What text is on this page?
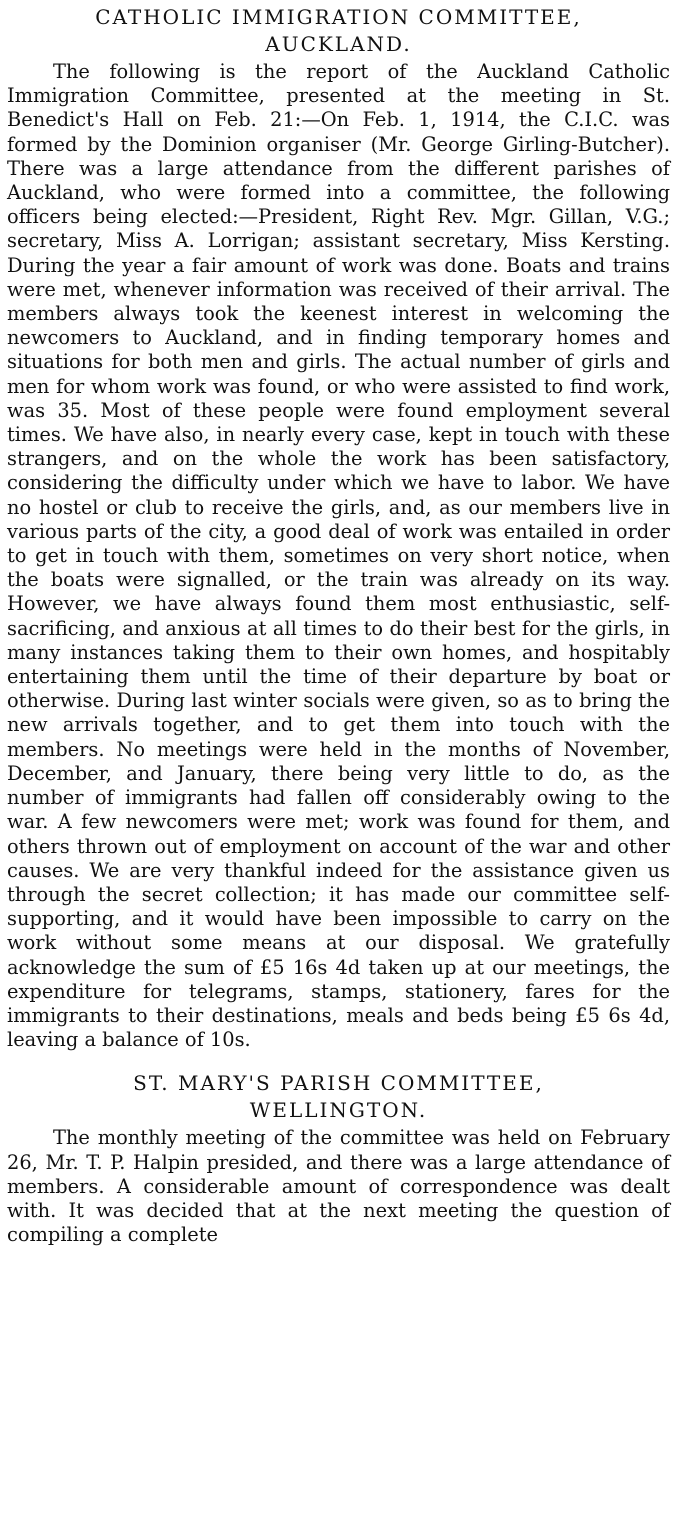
CATHOLIC IMMIGRATION COMMITTEE,
AUCKLAND.

The following is the report of the Auckland Catholic Immigration Committee, presented at the meeting in St. Benedict's Hall on Feb. 21:—On Feb. 1, 1914, the C.I.C. was formed by the Dominion organiser (Mr. George Girling-Butcher). There was a large attendance from the different parishes of Auckland, who were formed into a committee, the following officers being elected:—President, Right Rev. Mgr. Gillan, V.G.; secretary, Miss A. Lorrigan; assistant secretary, Miss Kersting. During the year a fair amount of work was done. Boats and trains were met, whenever information was received of their arrival. The members always took the keenest interest in welcoming the newcomers to Auckland, and in finding temporary homes and situations for both men and girls. The actual number of girls and men for whom work was found, or who were assisted to find work, was 35. Most of these people were found employment several times. We have also, in nearly every case, kept in touch with these strangers, and on the whole the work has been satisfactory, considering the difficulty under which we have to labor. We have no hostel or club to receive the girls, and, as our members live in various parts of the city, a good deal of work was entailed in order to get in touch with them, sometimes on very short notice, when the boats were signalled, or the train was already on its way. However, we have always found them most enthusiastic, self-sacrificing, and anxious at all times to do their best for the girls, in many instances taking them to their own homes, and hospitably entertaining them until the time of their departure by boat or otherwise. During last winter socials were given, so as to bring the new arrivals together, and to get them into touch with the members. No meetings were held in the months of November, December, and January, there being very little to do, as the number of immigrants had fallen off considerably owing to the war. A few newcomers were met; work was found for them, and others thrown out of employment on account of the war and other causes. We are very thankful indeed for the assistance given us through the secret collection; it has made our committee self-supporting, and it would have been impossible to carry on the work without some means at our disposal. We gratefully acknowledge the sum of £5 16s 4d taken up at our meetings, the expenditure for telegrams, stamps, stationery, fares for the immigrants to their destinations, meals and beds being £5 6s 4d, leaving a balance of 10s.

ST. MARY'S PARISH COMMITTEE,
WELLINGTON.

The monthly meeting of the committee was held on February 26, Mr. T. P. Halpin presided, and there was a large attendance of members. A considerable amount of correspondence was dealt with. It was decided that at the next meeting the question of compiling a complete
